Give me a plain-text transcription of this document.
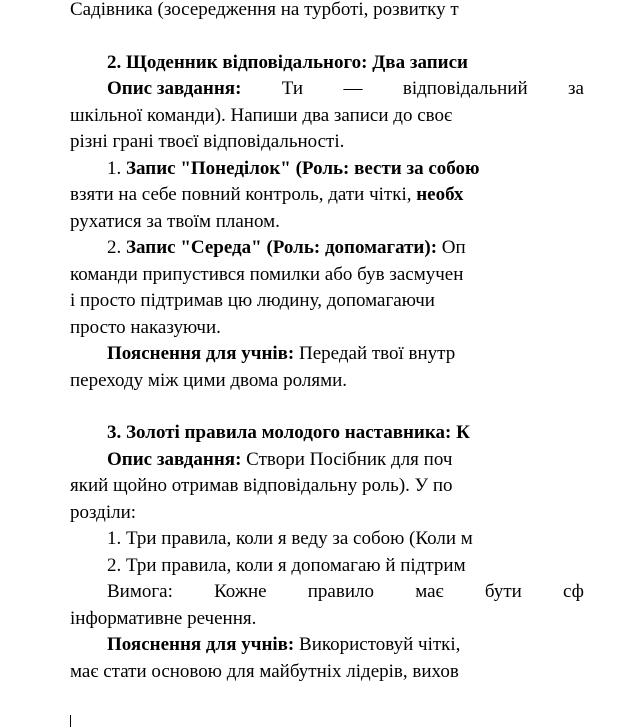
Садівника (зосередження на турботі, розвитку т
2. Щоденник відповідального: Два записи
Опис завдання: Ти — відповідальний за
шкільної команди). Напиши два записи до своє
різні грані твоєї відповідальності.
1. Запис "Понеділок" (Роль: вести за собою
взяти на себе повний контроль, дати чіткі, необх
рухатися за твоїм планом.
2. Запис "Середа" (Роль: допомагати): Оп
команди припустився помилки або був засмучен
і просто підтримав цю людину, допомагаючи
просто наказуючи.
Пояснення для учнів: Передай твої внутр
переходу між цими двома ролями.
3. Золоті правила молодого наставника: К
Опис завдання: Створи Посібник для поч
який щойно отримав відповідальну роль). У по
розділи:
1. Три правила, коли я веду за собою (Коли м
2. Три правила, коли я допомагаю й підтрим
Вимога: Кожне правило має бути сф
інформативне речення.
Пояснення для учнів: Використовуй чіткі,
має стати основою для майбутніх лідерів, вихов
